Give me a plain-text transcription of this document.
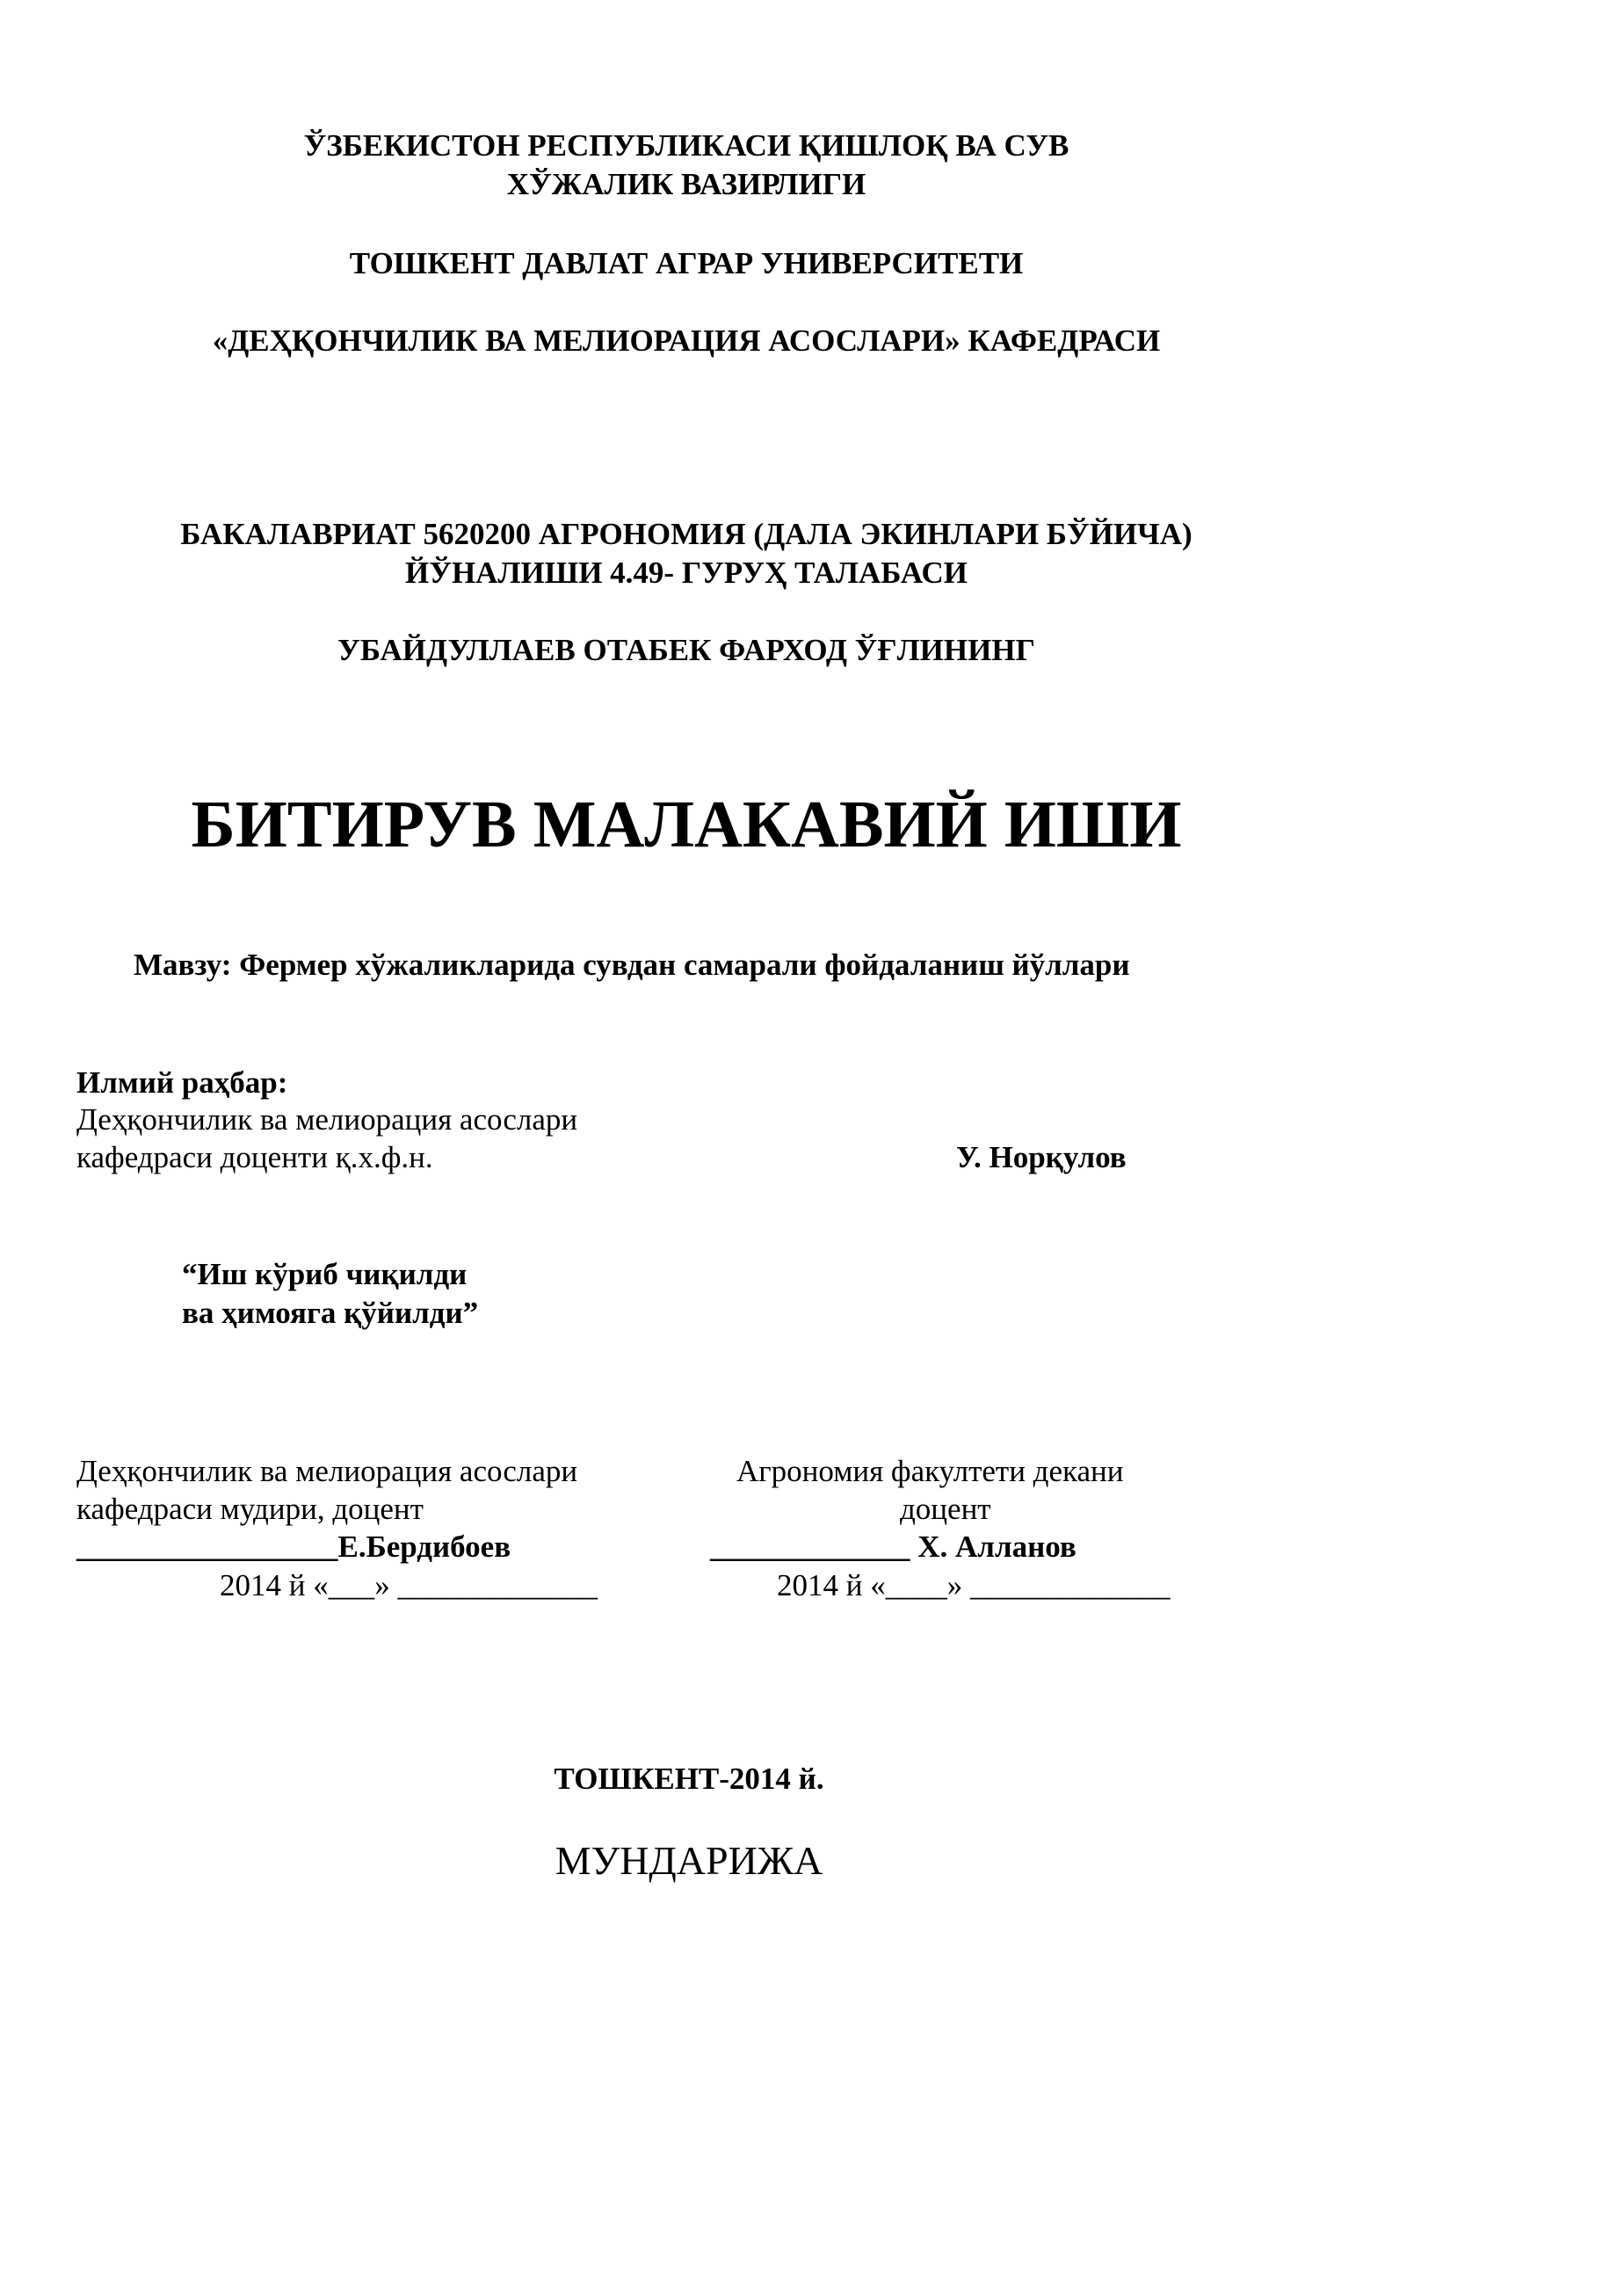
ЎЗБЕКИСТОН РЕСПУБЛИКАСИ ҚИШЛОҚ ВА СУВ
ХЎЖАЛИК ВАЗИРЛИГИ
ТОШКЕНТ ДАВЛАТ АГРАР УНИВЕРСИТЕТИ
«ДЕҲҚОНЧИЛИК ВА МЕЛИОРАЦИЯ АСОСЛАРИ» КАФЕДРАСИ
БАКАЛАВРИАТ 5620200 АГРОНОМИЯ (ДАЛА ЭКИНЛАРИ БЎЙИЧА)
ЙЎНАЛИШИ 4.49- ГУРУҲ ТАЛАБАСИ
УБАЙДУЛЛАЕВ ОТАБЕК ФАРХОД ЎҒЛИНИНГ
БИТИРУВ МАЛАКАВИЙ ИШИ
Мавзу: Фермер хўжаликларида сувдан самарали фойдаланиш йўллари
Илмий раҳбар:
Деҳқончилик ва мелиорация асослари
кафедраси доценти қ.х.ф.н.	У. Норқулов
“Иш кўриб чиқилди
ва ҳимояга қўйилди”
Деҳқончилик ва мелиорация асослари
кафедраси мудири, доцент
_________________Е.Бердибоев
2014 й «___» _____________
Агрономия факултети декани
доцент
_____________ Х. Алланов
2014 й «____» _____________
ТОШКЕНТ-2014 й.
МУНДАРИЖА
